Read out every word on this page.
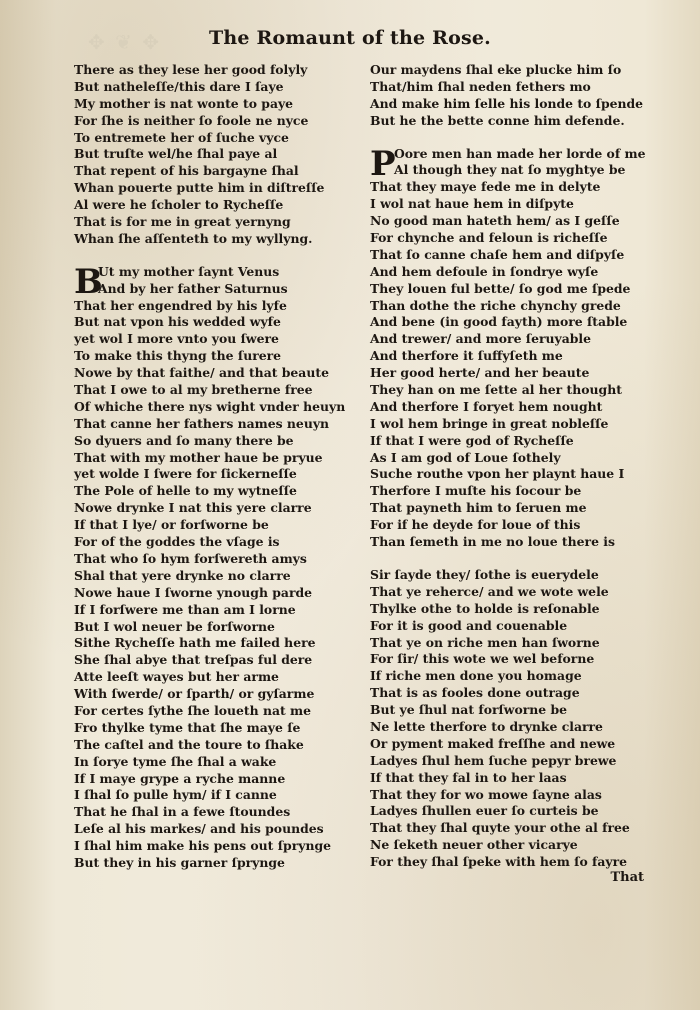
✥ ❦ ✥	The Romaunt of the Rose.
There as they lese her good folyly
But natheleſſe/this dare I ſaye
My mother is nat wonte to paye
For ſhe is neither ſo foole ne nyce
To entremete her of ſuche vyce
But truſte wel/he ſhal paye al
That repent of his bargayne ſhal
Whan pouerte putte him in diſtreſſe
Al were he ſcholer to Rycheſſe
That is for me in great yernyng
Whan ſhe aſſenteth to my wyllyng.
B
Ut my mother ſaynt Venus
And by her father Saturnus
That her engendred by his lyfe
But nat vpon his wedded wyfe
yet wol I more vnto you ſwere
To make this thyng the ſurere
Nowe by that faithe/ and that beaute
That I owe to al my bretherne free
Of whiche there nys wight vnder heuyn
That canne her fathers names neuyn
So dyuers and ſo many there be
That with my mother haue be pryue
yet wolde I ſwere for ſickerneſſe
The Pole of helle to my wytneſſe
Nowe drynke I nat this yere clarre
If that I lye/ or forſworne be
For of the goddes the vſage is
That who ſo hym forſwereth amys
Shal that yere drynke no clarre
Nowe haue I ſworne ynough parde
If I forſwere me than am I lorne
But I wol neuer be forſworne
Sithe Rycheſſe hath me failed here
She ſhal abye that treſpas ful dere
Atte leeſt wayes but her arme
With ſwerde/ or ſparth/ or gyſarme
For certes ſythe ſhe loueth nat me
Fro thylke tyme that ſhe maye ſe
The caſtel and the toure to ſhake
In ſorye tyme ſhe ſhal a wake
If I maye grype a ryche manne
I ſhal ſo pulle hym/ if I canne
That he ſhal in a fewe ſtoundes
Leſe al his markes/ and his poundes
I ſhal him make his pens out ſprynge
But they in his garner ſprynge
Our maydens ſhal eke plucke him ſo
That/him ſhal neden fethers mo
And make him ſelle his londe to ſpende
But he the bette conne him defende.
P
Oore men han made her lorde of me
Al though they nat ſo myghtye be
That they maye fede me in delyte
I wol nat haue hem in diſpyte
No good man hateth hem/ as I geſſe
For chynche and feloun is richeſſe
That ſo canne chaſe hem and diſpyſe
And hem defoule in ſondrye wyſe
They louen ful bette/ ſo god me ſpede
Than dothe the riche chynchy grede
And bene (in good fayth) more ſtable
And trewer/ and more ſeruyable
And therfore it ſuffyſeth me
Her good herte/ and her beaute
They han on me ſette al her thought
And therfore I foryet hem nought
I wol hem bringe in great nobleſſe
If that I were god of Rycheſſe
As I am god of Loue ſothely
Suche routhe vpon her playnt haue I
Therfore I muſte his ſocour be
That payneth him to ſeruen me
For if he deyde for loue of this
Than ſemeth in me no loue there is
Sir ſayde they/ ſothe is euerydele
That ye reherce/ and we wote wele
Thylke othe to holde is reſonable
For it is good and couenable
That ye on riche men han ſworne
For ſir/ this wote we wel beforne
If riche men done you homage
That is as fooles done outrage
But ye ſhul nat forſworne be
Ne lette therfore to drynke clarre
Or pyment maked freſſhe and newe
Ladyes ſhul hem ſuche pepyr brewe
If that they fal in to her laas
That they for wo mowe ſayne alas
Ladyes ſhullen euer ſo curteis be
That they ſhal quyte your othe al free
Ne ſeketh neuer other vicarye
For they ſhal ſpeke with hem ſo fayre
That
